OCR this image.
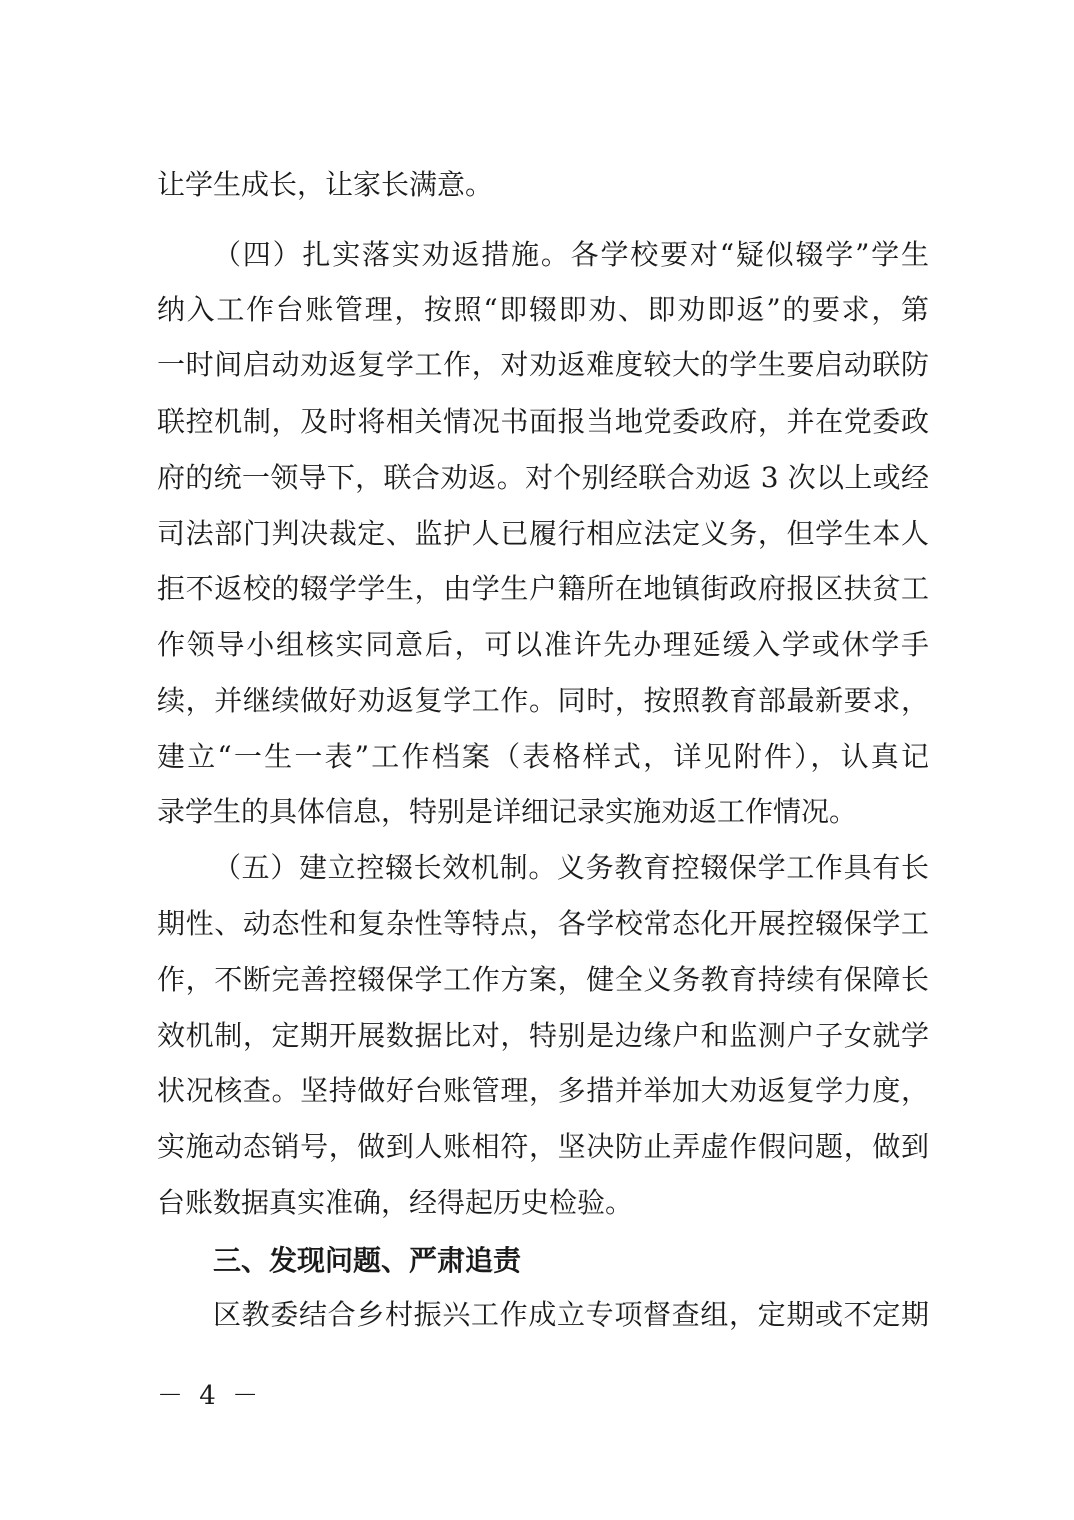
让学生成长，让家长满意。
（四）扎实落实劝返措施。各学校要对“疑似辍学”学生
纳入工作台账管理，按照“即辍即劝、即劝即返”的要求，第
一时间启动劝返复学工作，对劝返难度较大的学生要启动联防
联控机制，及时将相关情况书面报当地党委政府，并在党委政
府的统一领导下，联合劝返。对个别经联合劝返 3 次以上或经
司法部门判决裁定、监护人已履行相应法定义务，但学生本人
拒不返校的辍学学生，由学生户籍所在地镇街政府报区扶贫工
作领导小组核实同意后，可以准许先办理延缓入学或休学手
续，并继续做好劝返复学工作。同时，按照教育部最新要求，
建立“一生一表”工作档案（表格样式，详见附件），认真记
录学生的具体信息，特别是详细记录实施劝返工作情况。
（五）建立控辍长效机制。义务教育控辍保学工作具有长
期性、动态性和复杂性等特点，各学校常态化开展控辍保学工
作，不断完善控辍保学工作方案，健全义务教育持续有保障长
效机制，定期开展数据比对，特别是边缘户和监测户子女就学
状况核查。坚持做好台账管理，多措并举加大劝返复学力度，
实施动态销号，做到人账相符，坚决防止弄虚作假问题，做到
台账数据真实准确，经得起历史检验。
三、发现问题、严肃追责
区教委结合乡村振兴工作成立专项督查组，定期或不定期
－ 4 －
